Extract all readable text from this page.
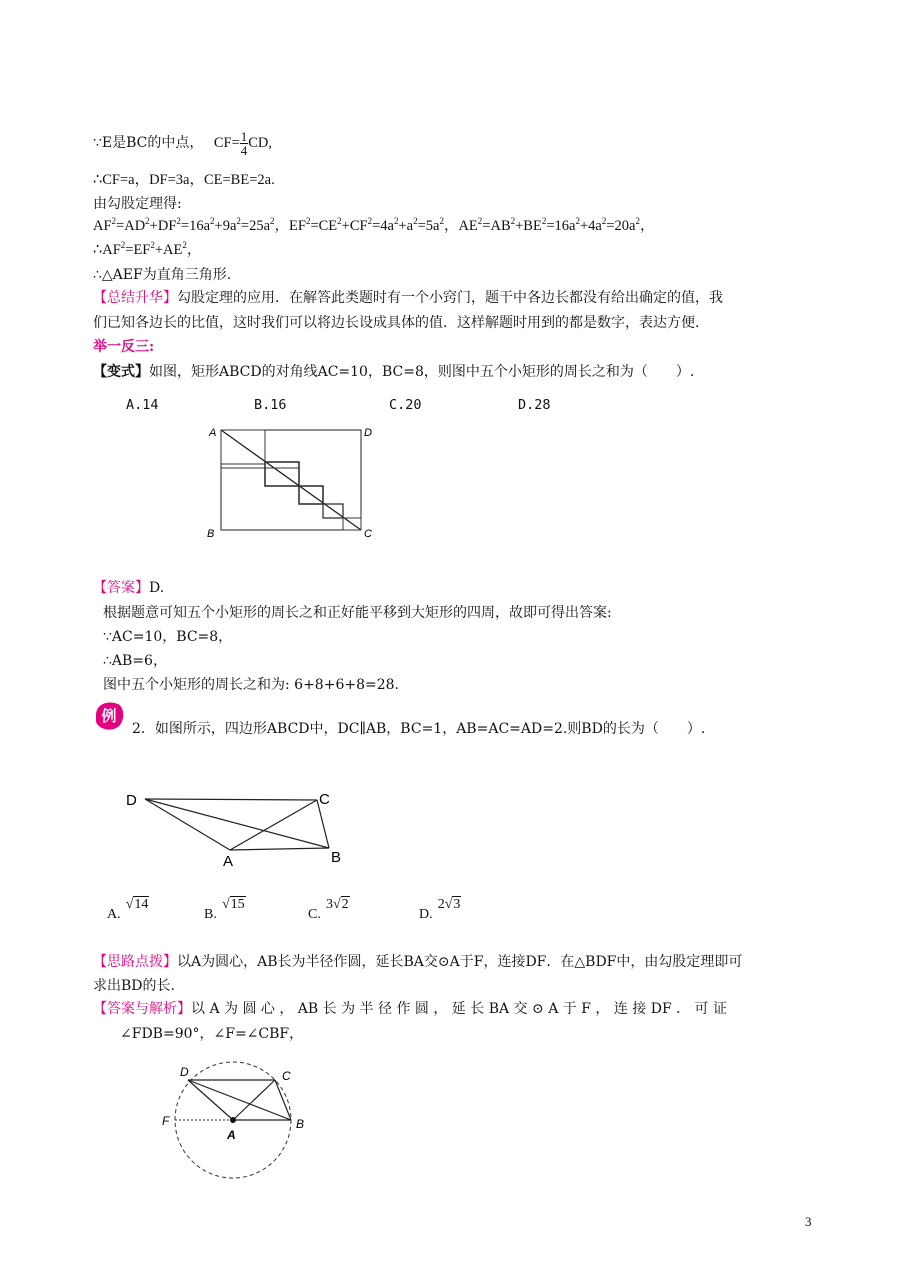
∵E是BC的中点， $CF= \frac{1}{4}$ CD,
∴CF=a，DF=3a，CE=BE=2a.
由勾股定理得:
$AF^2=AD^2+DF^2=16a^2+9a^2=25a^2$，$EF^2=CE^2+CF^2=4a^2+a^2=5a^2$，$AE^2=AB^2+BE^2=16a^2+4a^2=20a^2$，
$\therefore AF^2=EF^2+AE^2$，
∴△AEF为直角三角形.
【总结升华】勾股定理的应用．在解答此类题时有一个小窍门，题干中各边长都没有给出确定的值，我
们已知各边长的比值，这时我们可以将边长设成具体的值．这样解题时用到的都是数字，表达方便．
举一反三:
【变式】如图，矩形ABCD的对角线AC=10，BC=8，则图中五个小矩形的周长之和为（　　）.
A.14	B.16	C.20	D.28
A	D
B	C
【答案】D.
根据题意可知五个小矩形的周长之和正好能平移到大矩形的四周，故即可得出答案:
∵AC=10，BC=8，
∴AB=6，
图中五个小矩形的周长之和为: 6+8+6+8=28.
例
2．如图所示，四边形ABCD中，DC∥AB，BC=1，AB=AC=AD=2.则BD的长为（　　）.
D	C
A	B
A. √14
B. √15
C. 3√2
D. 2√3
【思路点拨】以A为圆心，AB长为半径作圆，延长BA交⊙A于F，连接DF．在△BDF中，由勾股定理即可
求出BD的长.
【答案与解析】以 A 为 圆 心 ， AB 长 为 半 径 作 圆 ， 延 长 BA 交 ⊙ A 于 F ， 连 接 DF ． 可 证
∠FDB=90°，∠F=∠CBF，
D	C
F
A
B
3
